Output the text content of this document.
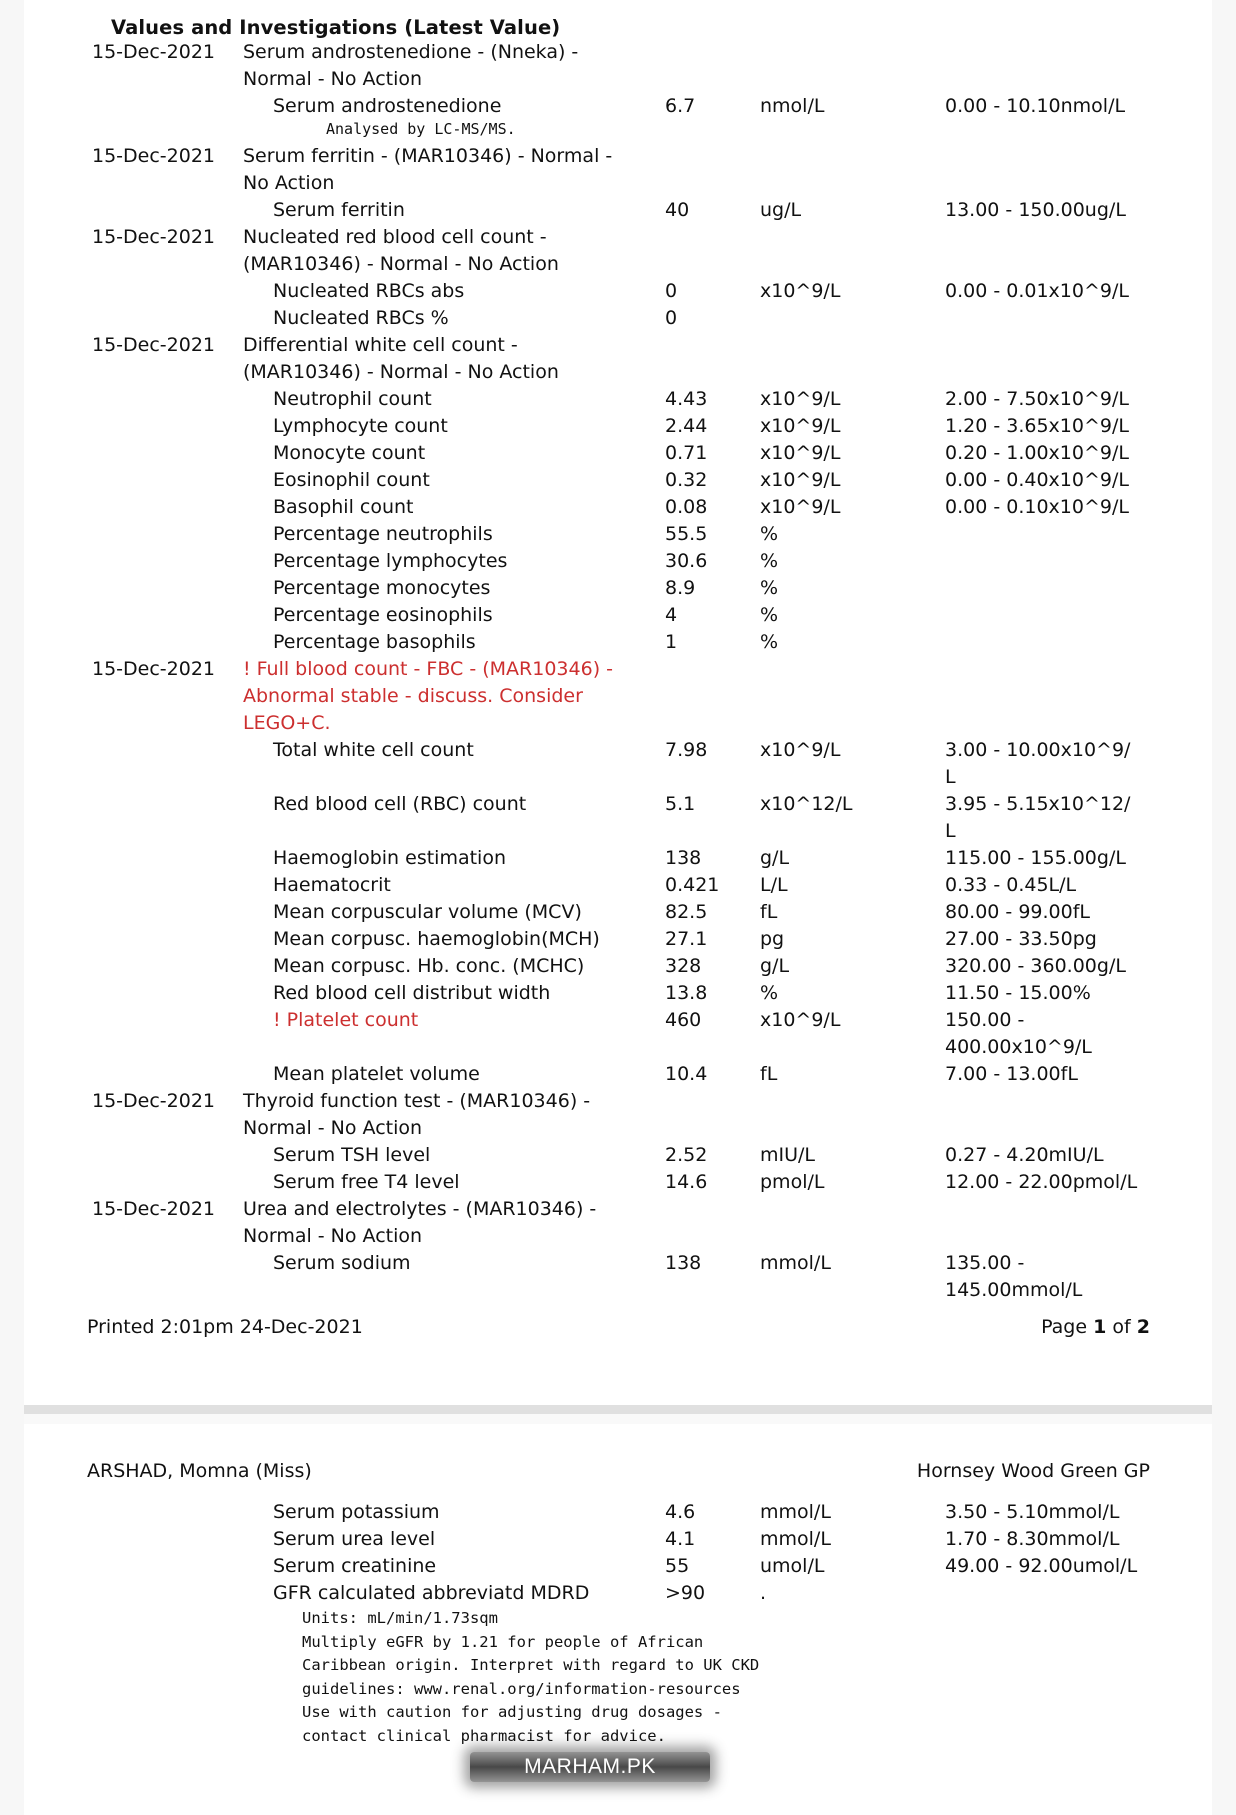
Values and Investigations (Latest Value)
15-Dec-2021 Serum androstenedione - (Nneka) -
Normal - No Action
Serum androstenedione	6.7	nmol/L	0.00 - 10.10nmol/L
Analysed by LC-MS/MS.
15-Dec-2021 Serum ferritin - (MAR10346) - Normal -
No Action
Serum ferritin	40	ug/L	13.00 - 150.00ug/L
15-Dec-2021 Nucleated red blood cell count -
(MAR10346) - Normal - No Action
Nucleated RBCs abs	0	x10^9/L	0.00 - 0.01x10^9/L
Nucleated RBCs %	0
15-Dec-2021 Differential white cell count -
(MAR10346) - Normal - No Action
Neutrophil count	4.43	x10^9/L	2.00 - 7.50x10^9/L
Lymphocyte count	2.44	x10^9/L	1.20 - 3.65x10^9/L
Monocyte count	0.71	x10^9/L	0.20 - 1.00x10^9/L
Eosinophil count	0.32	x10^9/L	0.00 - 0.40x10^9/L
Basophil count	0.08	x10^9/L	0.00 - 0.10x10^9/L
Percentage neutrophils	55.5	%
Percentage lymphocytes	30.6	%
Percentage monocytes	8.9	%
Percentage eosinophils	4	%
Percentage basophils	1	%
15-Dec-2021 ! Full blood count - FBC - (MAR10346) -
Abnormal stable - discuss. Consider
LEGO+C.
Total white cell count	7.98	x10^9/L	3.00 - 10.00x10^9/
L
Red blood cell (RBC) count	5.1	x10^12/L	3.95 - 5.15x10^12/
L
Haemoglobin estimation	138	g/L	115.00 - 155.00g/L
Haematocrit	0.421 L/L	0.33 - 0.45L/L
Mean corpuscular volume (MCV)	82.5	fL	80.00 - 99.00fL
Mean corpusc. haemoglobin(MCH)	27.1	pg	27.00 - 33.50pg
Mean corpusc. Hb. conc. (MCHC)	328	g/L	320.00 - 360.00g/L
Red blood cell distribut width	13.8	%	11.50 - 15.00%
! Platelet count	460	x10^9/L	150.00 -
400.00x10^9/L
Mean platelet volume	10.4	fL	7.00 - 13.00fL
15-Dec-2021 Thyroid function test - (MAR10346) -
Normal - No Action
Serum TSH level	2.52	mIU/L	0.27 - 4.20mIU/L
Serum free T4 level	14.6	pmol/L	12.00 - 22.00pmol/L
15-Dec-2021 Urea and electrolytes - (MAR10346) -
Normal - No Action
Serum sodium	138	mmol/L	135.00 -
145.00mmol/L
Printed 2:01pm 24-Dec-2021	Page 1 of 2
ARSHAD, Momna (Miss)	Hornsey Wood Green GP
Serum potassium	4.6	mmol/L	3.50 - 5.10mmol/L
Serum urea level	4.1	mmol/L	1.70 - 8.30mmol/L
Serum creatinine	55	umol/L	49.00 - 92.00umol/L
GFR calculated abbreviatd MDRD	>90	.
Units: mL/min/1.73sqm
Multiply eGFR by 1.21 for people of African
Caribbean origin. Interpret with regard to UK CKD
guidelines: www.renal.org/information-resources
Use with caution for adjusting drug dosages -
contact clinical pharmacist for advice.
MARHAM.PK
